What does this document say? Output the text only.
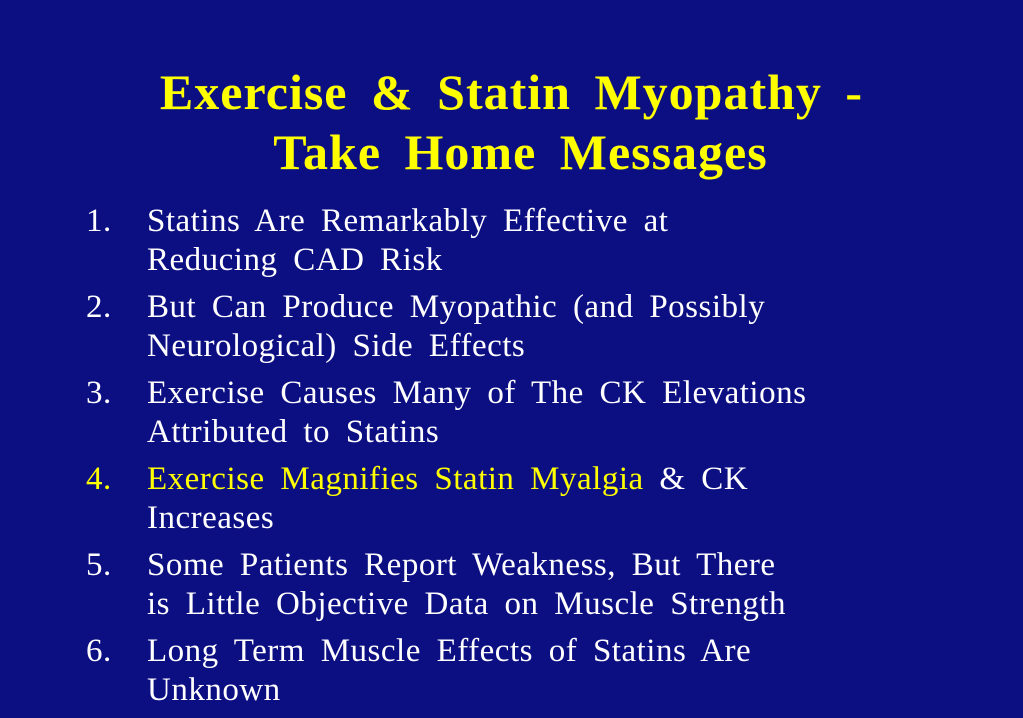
Exercise & Statin Myopathy -
Take Home Messages
1.	Statins Are Remarkably Effective at
Reducing CAD Risk
2.	But Can Produce Myopathic (and Possibly
Neurological) Side Effects
3.	Exercise Causes Many of The CK Elevations
Attributed to Statins
4.	Exercise Magnifies Statin Myalgia & CK
Increases
5.	Some Patients Report Weakness, But There
is Little Objective Data on Muscle Strength
6.	Long Term Muscle Effects of Statins Are
Unknown
